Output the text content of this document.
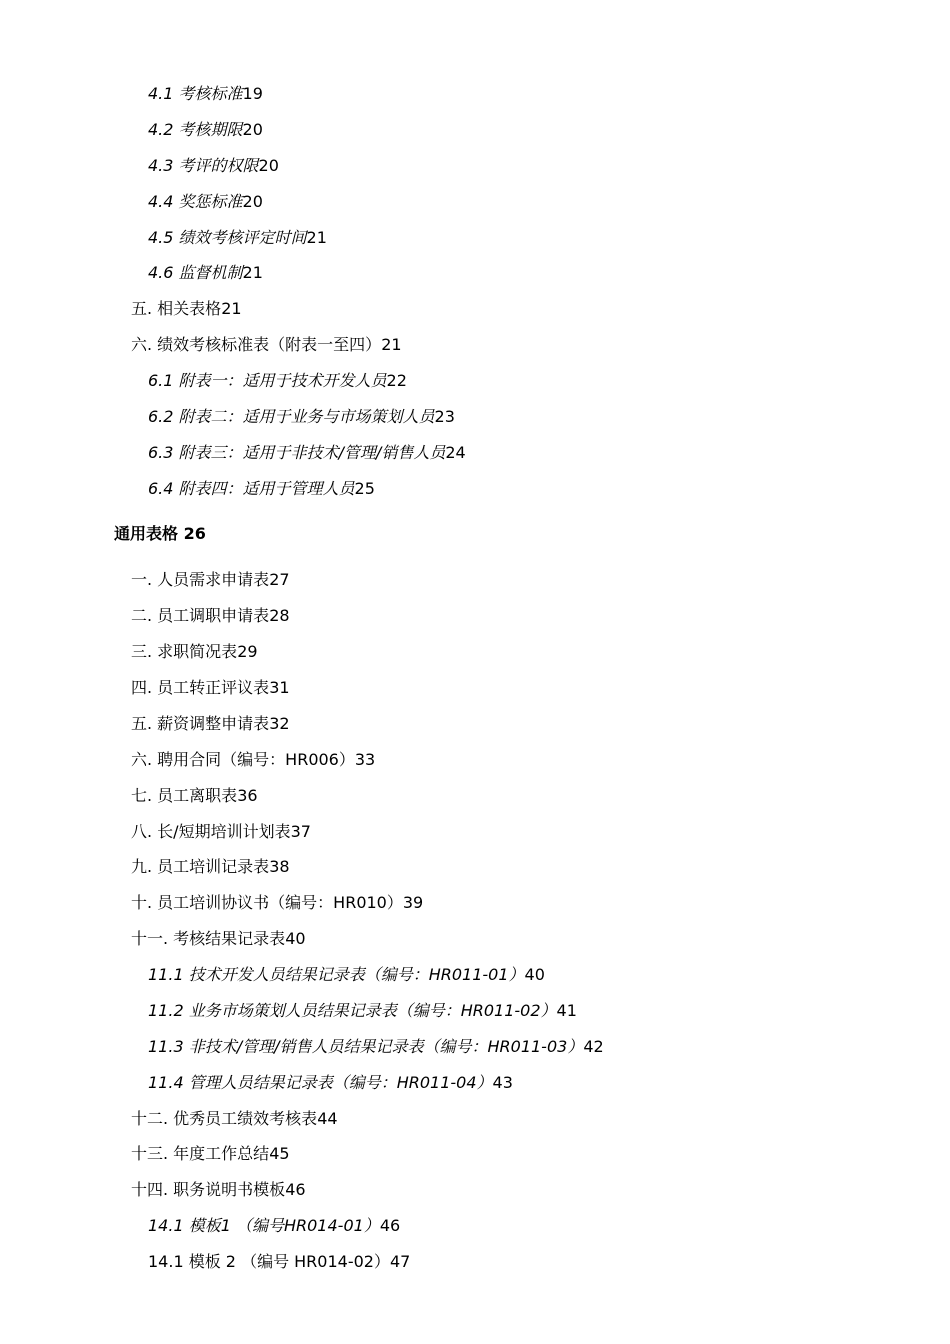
4.1 考核标准19
4.2 考核期限20
4.3 考评的权限20
4.4 奖惩标准20
4.5 绩效考核评定时间21
4.6 监督机制21
五. 相关表格21
六. 绩效考核标准表（附表一至四）21
6.1 附表一：适用于技术开发人员22
6.2 附表二：适用于业务与市场策划人员23
6.3 附表三：适用于非技术/管理/销售人员24
6.4 附表四：适用于管理人员25
通用表格 26
一. 人员需求申请表27
二. 员工调职申请表28
三. 求职简况表29
四. 员工转正评议表31
五. 薪资调整申请表32
六. 聘用合同（编号：HR006）33
七. 员工离职表36
八. 长/短期培训计划表37
九. 员工培训记录表38
十. 员工培训协议书（编号：HR010）39
十一. 考核结果记录表40
11.1 技术开发人员结果记录表（编号：HR011-01）40
11.2 业务市场策划人员结果记录表（编号：HR011-02）41
11.3 非技术/管理/销售人员结果记录表（编号：HR011-03）42
11.4 管理人员结果记录表（编号：HR011-04）43
十二. 优秀员工绩效考核表44
十三. 年度工作总结45
十四. 职务说明书模板46
14.1 模板1 （编号HR014-01）46
14.1 模板 2 （编号 HR014-02）47
